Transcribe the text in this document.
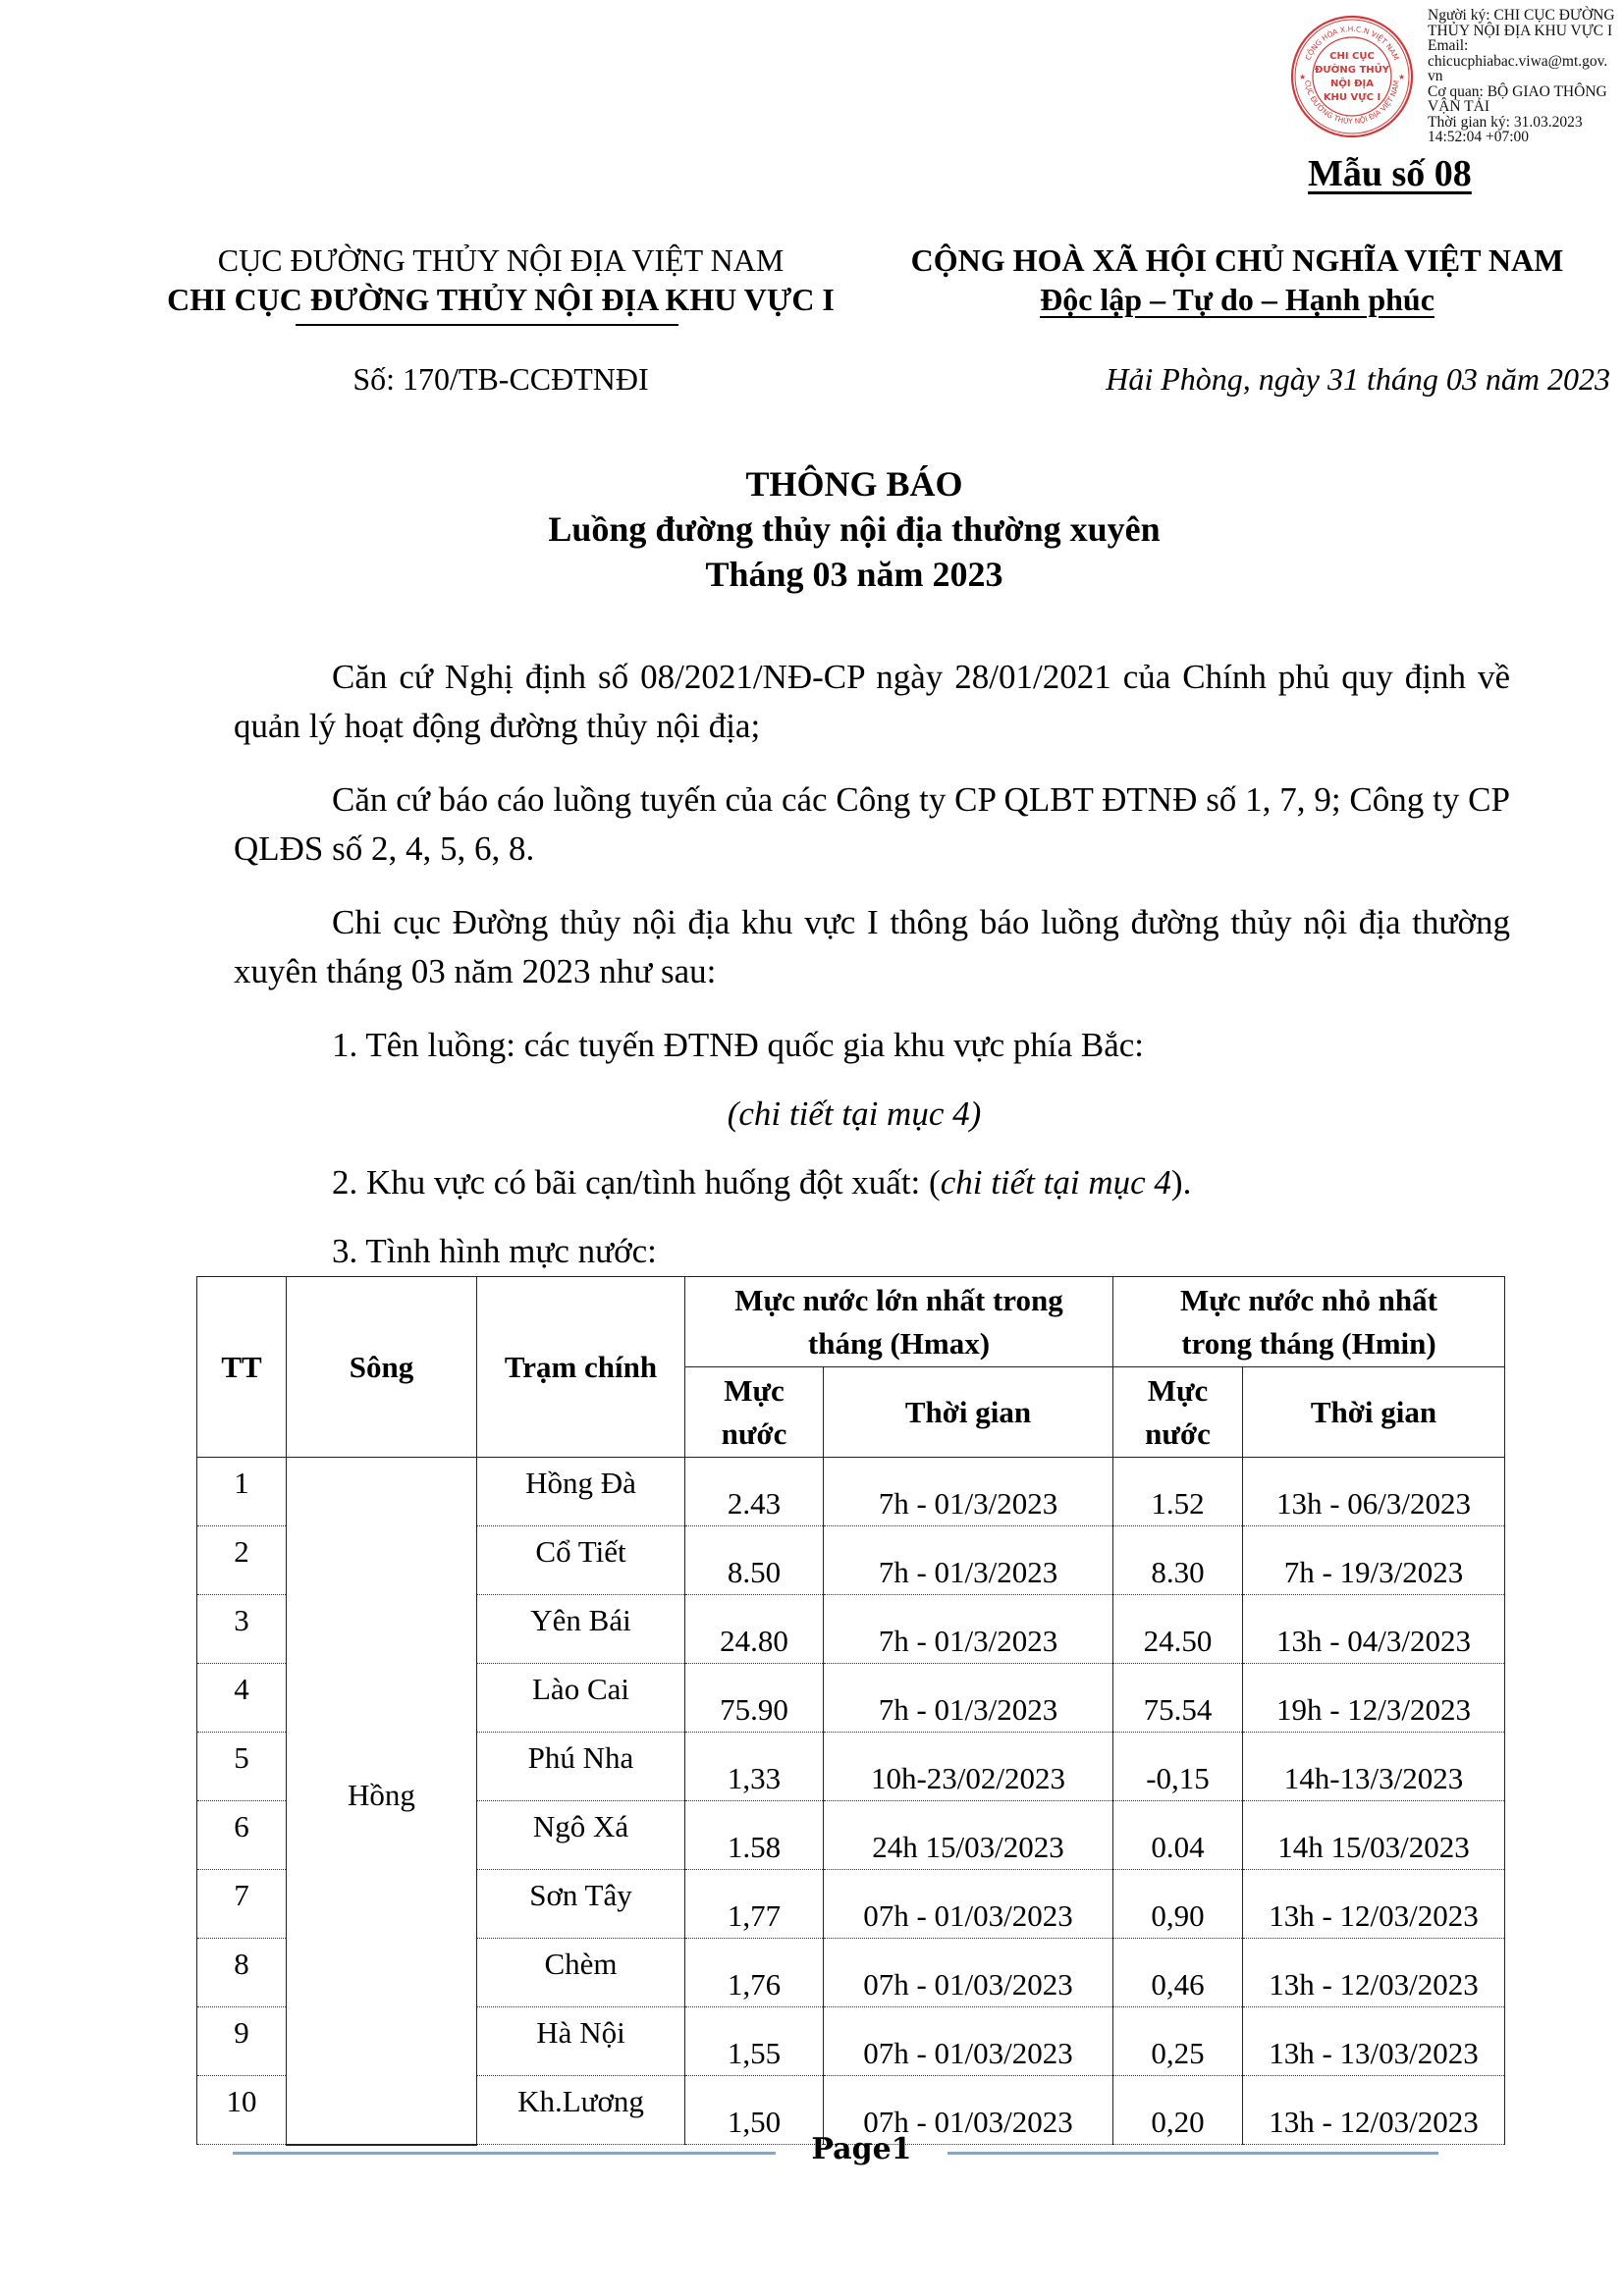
CỘNG HÒA X.H.C.N VIỆT NAM
CỤC ĐƯỜNG THỦY NỘI ĐỊA VIỆT NAM
★	★
CHI CỤC
ĐƯỜNG THỦY
NỘI ĐỊA
KHU VỰC I
Người ký: CHI CỤC ĐƯỜNG
THỦY NỘI ĐỊA KHU VỰC I
Email:
chicucphiabac.viwa@mt.gov.
vn
Cơ quan: BỘ GIAO THÔNG
VẬN TẢI
Thời gian ký: 31.03.2023
14:52:04 +07:00
Mẫu số 08
CỤC ĐƯỜNG THỦY NỘI ĐỊA VIỆT NAM
CHI CỤC ĐƯỜNG THỦY NỘI ĐỊA KHU VỰC I
Số: 170/TB-CCĐTNĐI
CỘNG HOÀ XÃ HỘI CHỦ NGHĨA VIỆT NAM
Độc lập – Tự do – Hạnh phúc
Hải Phòng, ngày 31 tháng 03 năm 2023
THÔNG BÁO
Luồng đường thủy nội địa thường xuyên
Tháng 03 năm 2023
Căn cứ Nghị định số 08/2021/NĐ-CP ngày 28/01/2021 của Chính phủ quy định về quản lý hoạt động đường thủy nội địa;
Căn cứ báo cáo luồng tuyến của các Công ty CP QLBT ĐTNĐ số 1, 7, 9; Công ty CP QLĐS số 2, 4, 5, 6, 8.
Chi cục Đường thủy nội địa khu vực I thông báo luồng đường thủy nội địa thường xuyên tháng 03 năm 2023 như sau:
1. Tên luồng: các tuyến ĐTNĐ quốc gia khu vực phía Bắc:
(chi tiết tại mục 4)
2. Khu vực có bãi cạn/tình huống đột xuất: (chi tiết tại mục 4).
3. Tình hình mực nước:
TT	Sông	Trạm chính	Mực nước lớn nhất trong tháng (Hmax)		Mực nước nhỏ nhất trong tháng (Hmin)	
			Mực nước	Thời gian	Mực nước	Thời gian
1	Hồng	Hồng Đà	2.43	7h - 01/3/2023	1.52	13h - 06/3/2023
2		Cổ Tiết	8.50	7h - 01/3/2023	8.30	7h - 19/3/2023
3		Yên Bái	24.80	7h - 01/3/2023	24.50	13h - 04/3/2023
4		Lào Cai	75.90	7h - 01/3/2023	75.54	19h - 12/3/2023
5		Phú Nha	1,33	10h-23/02/2023	-0,15	14h-13/3/2023
6		Ngô Xá	1.58	24h 15/03/2023	0.04	14h 15/03/2023
7		Sơn Tây	1,77	07h - 01/03/2023	0,90	13h - 12/03/2023
8		Chèm	1,76	07h - 01/03/2023	0,46	13h - 12/03/2023
9		Hà Nội	1,55	07h - 01/03/2023	0,25	13h - 13/03/2023
10		Kh.Lương	1,50	07h - 01/03/2023	0,20	13h - 12/03/2023
Page1
